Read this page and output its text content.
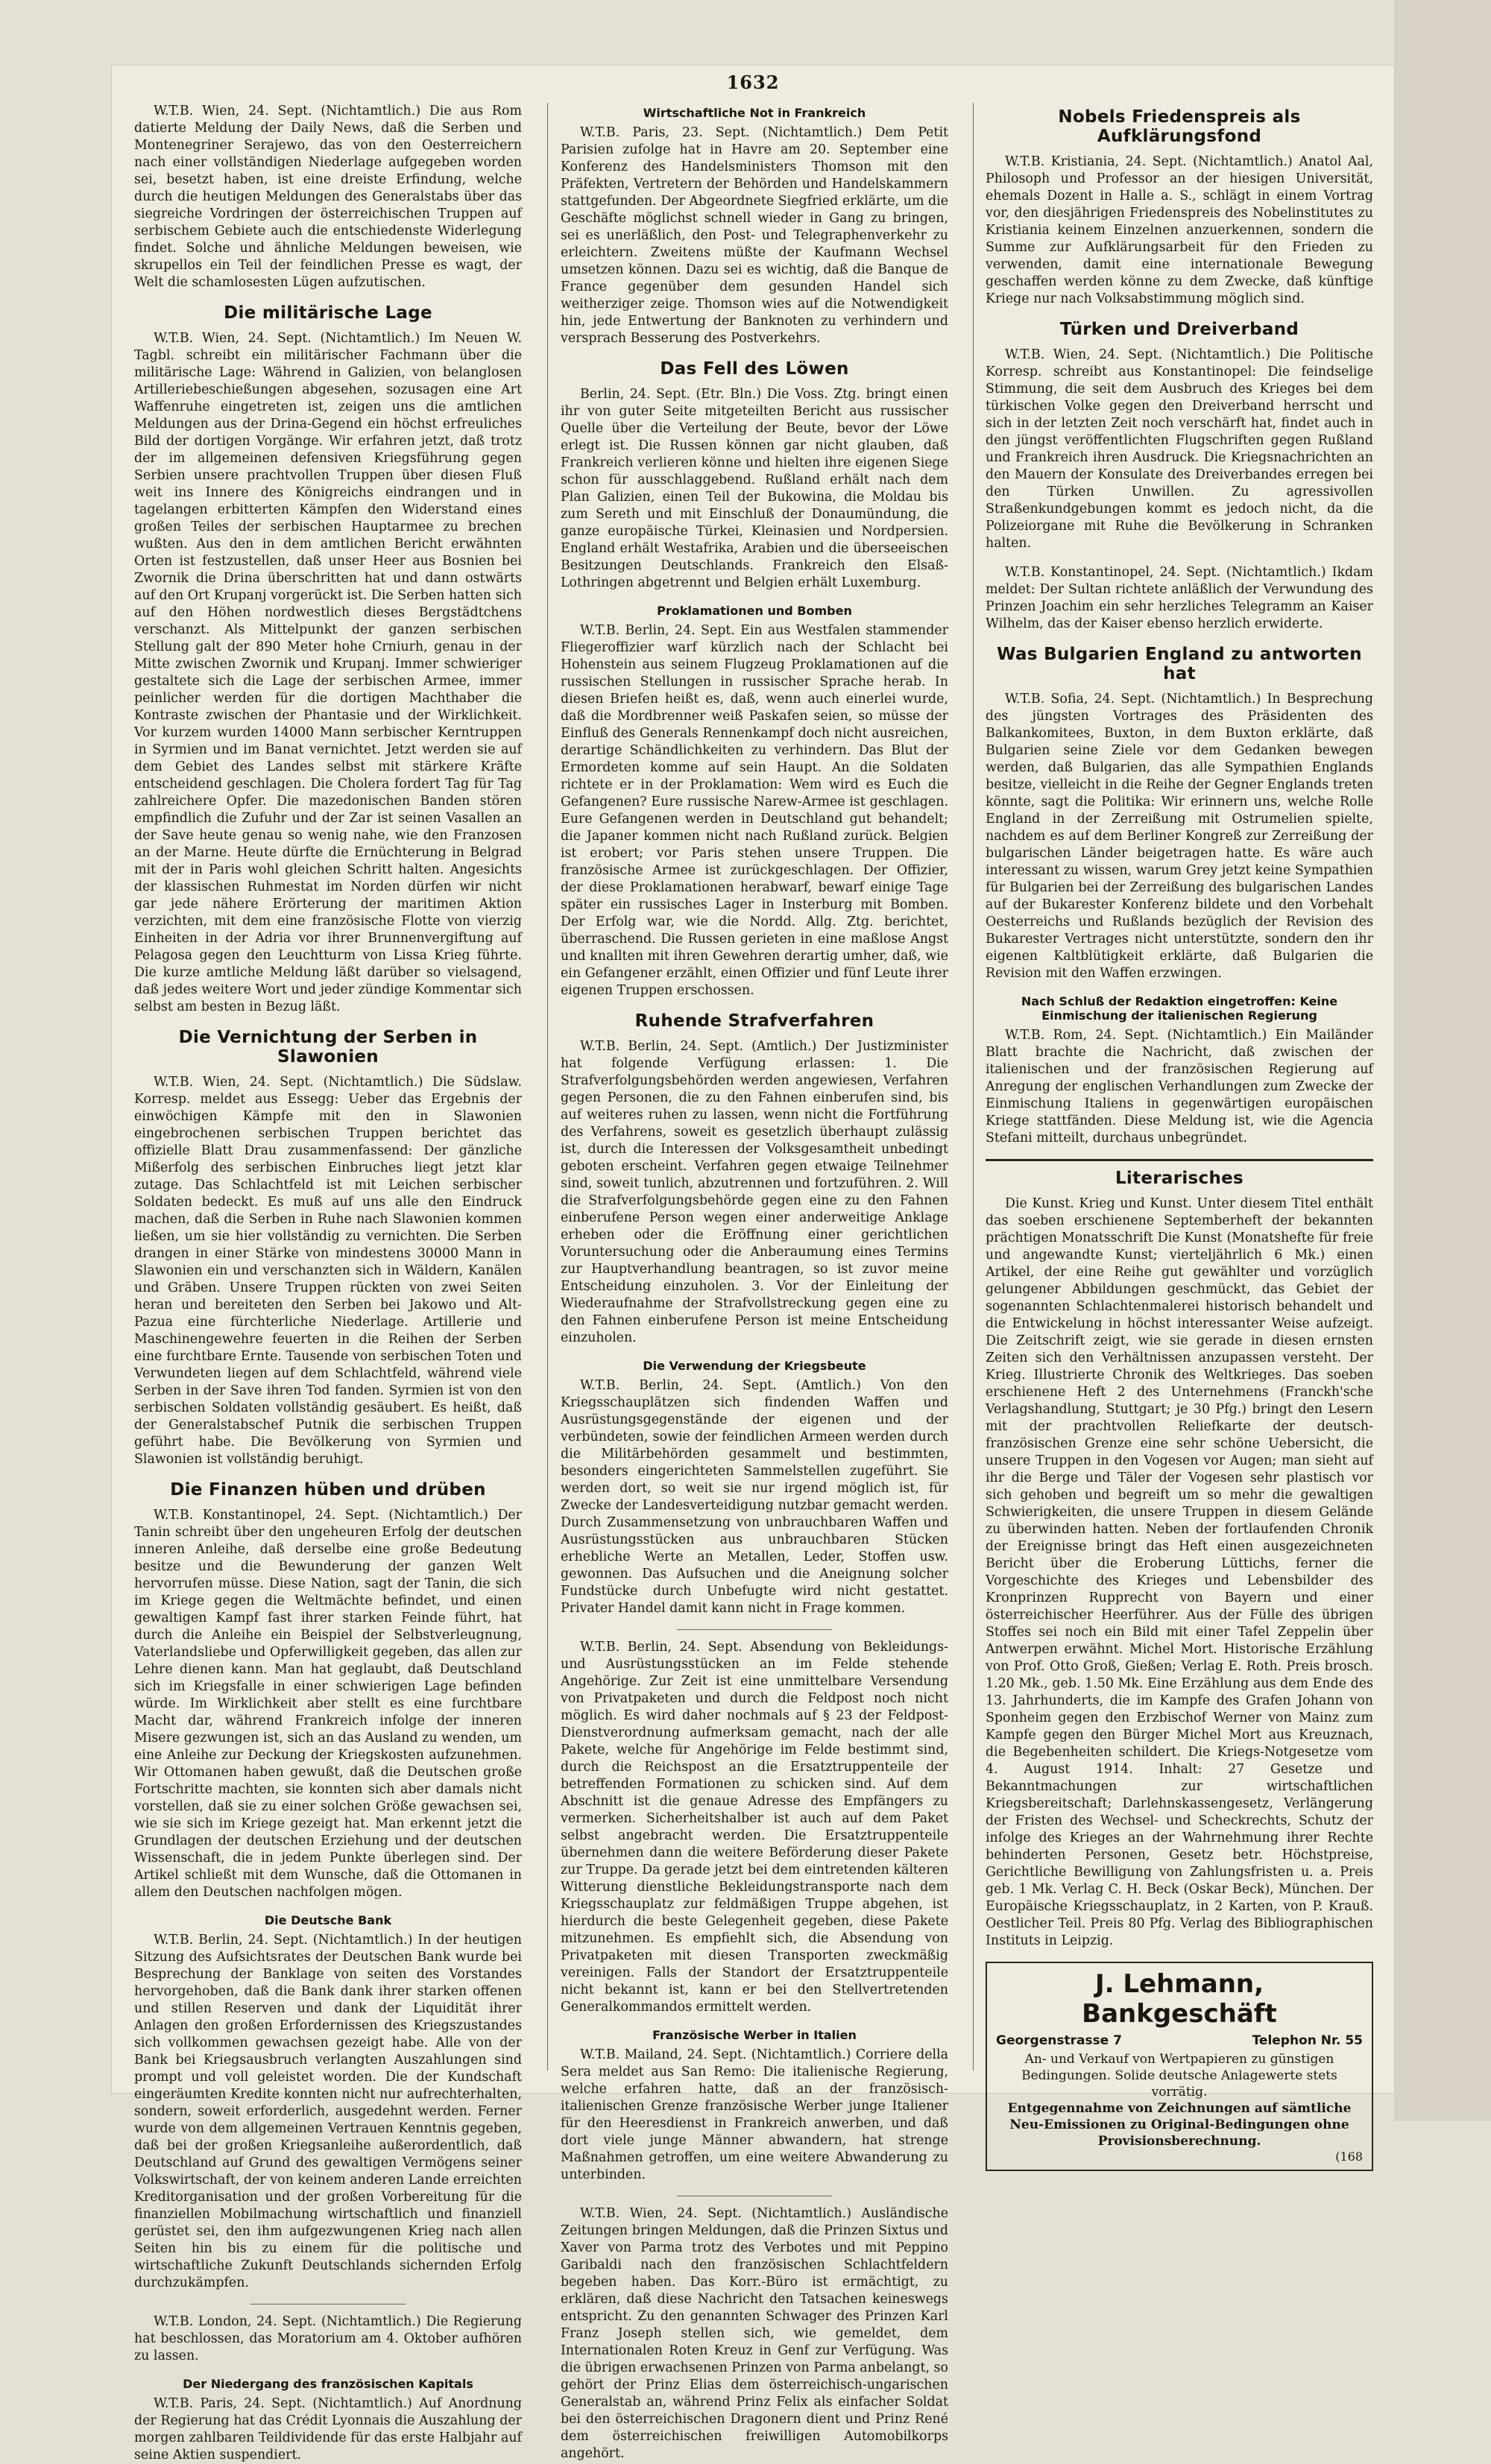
1632

W.T.B. Wien, 24. Sept. (Nichtamtlich.) Die aus Rom datierte Meldung der Daily News, daß die Serben und Montenegriner Serajewo, das von den Oesterreichern nach einer vollständigen Niederlage aufgegeben worden sei, besetzt haben, ist eine dreiste Erfindung, welche durch die heutigen Meldungen des Generalstabs über das siegreiche Vordringen der österreichischen Truppen auf serbischem Gebiete auch die entschiedenste Widerlegung findet. Solche und ähnliche Meldungen beweisen, wie skrupellos ein Teil der feindlichen Presse es wagt, der Welt die schamlosesten Lügen aufzutischen.

Die militärische Lage

W.T.B. Wien, 24. Sept. (Nichtamtlich.) Im Neuen W. Tagbl. schreibt ein militärischer Fachmann über die militärische Lage: Während in Galizien, von belanglosen Artilleriebeschießungen abgesehen, sozusagen eine Art Waffenruhe eingetreten ist, zeigen uns die amtlichen Meldungen aus der Drina-Gegend ein höchst erfreuliches Bild der dortigen Vorgänge. Wir erfahren jetzt, daß trotz der im allgemeinen defensiven Kriegsführung gegen Serbien unsere prachtvollen Truppen über diesen Fluß weit ins Innere des Königreichs eindrangen und in tagelangen erbitterten Kämpfen den Widerstand eines großen Teiles der serbischen Hauptarmee zu brechen wußten. Aus den in dem amtlichen Bericht erwähnten Orten ist festzustellen, daß unser Heer aus Bosnien bei Zwornik die Drina überschritten hat und dann ostwärts auf den Ort Krupanj vorgerückt ist. Die Serben hatten sich auf den Höhen nordwestlich dieses Bergstädtchens verschanzt. Als Mittelpunkt der ganzen serbischen Stellung galt der 890 Meter hohe Crniurh, genau in der Mitte zwischen Zwornik und Krupanj. Immer schwieriger gestaltete sich die Lage der serbischen Armee, immer peinlicher werden für die dortigen Machthaber die Kontraste zwischen der Phantasie und der Wirklichkeit. Vor kurzem wurden 14000 Mann serbischer Kerntruppen in Syrmien und im Banat vernichtet. Jetzt werden sie auf dem Gebiet des Landes selbst mit stärkere Kräfte entscheidend geschlagen. Die Cholera fordert Tag für Tag zahlreichere Opfer. Die mazedonischen Banden stören empfindlich die Zufuhr und der Zar ist seinen Vasallen an der Save heute genau so wenig nahe, wie den Franzosen an der Marne. Heute dürfte die Ernüchterung in Belgrad mit der in Paris wohl gleichen Schritt halten. Angesichts der klassischen Ruhmestat im Norden dürfen wir nicht gar jede nähere Erörterung der maritimen Aktion verzichten, mit dem eine französische Flotte von vierzig Einheiten in der Adria vor ihrer Brunnenvergiftung auf Pelagosa gegen den Leuchtturm von Lissa Krieg führte. Die kurze amtliche Meldung läßt darüber so vielsagend, daß jedes weitere Wort und jeder zündige Kommentar sich selbst am besten in Bezug läßt.

Die Vernichtung der Serben in Slawonien

W.T.B. Wien, 24. Sept. (Nichtamtlich.) Die Südslaw. Korresp. meldet aus Essegg: Ueber das Ergebnis der einwöchigen Kämpfe mit den in Slawonien eingebrochenen serbischen Truppen berichtet das offizielle Blatt Drau zusammenfassend: Der gänzliche Mißerfolg des serbischen Einbruches liegt jetzt klar zutage. Das Schlachtfeld ist mit Leichen serbischer Soldaten bedeckt. Es muß auf uns alle den Eindruck machen, daß die Serben in Ruhe nach Slawonien kommen ließen, um sie hier vollständig zu vernichten. Die Serben drangen in einer Stärke von mindestens 30000 Mann in Slawonien ein und verschanzten sich in Wäldern, Kanälen und Gräben. Unsere Truppen rückten von zwei Seiten heran und bereiteten den Serben bei Jakowo und Alt-Pazua eine fürchterliche Niederlage. Artillerie und Maschinengewehre feuerten in die Reihen der Serben eine furchtbare Ernte. Tausende von serbischen Toten und Verwundeten liegen auf dem Schlachtfeld, während viele Serben in der Save ihren Tod fanden. Syrmien ist von den serbischen Soldaten vollständig gesäubert. Es heißt, daß der Generalstabschef Putnik die serbischen Truppen geführt habe. Die Bevölkerung von Syrmien und Slawonien ist vollständig beruhigt.

Die Finanzen hüben und drüben

W.T.B. Konstantinopel, 24. Sept. (Nichtamtlich.) Der Tanin schreibt über den ungeheuren Erfolg der deutschen inneren Anleihe, daß derselbe eine große Bedeutung besitze und die Bewunderung der ganzen Welt hervorrufen müsse. Diese Nation, sagt der Tanin, die sich im Kriege gegen die Weltmächte befindet, und einen gewaltigen Kampf fast ihrer starken Feinde führt, hat durch die Anleihe ein Beispiel der Selbstverleugnung, Vaterlandsliebe und Opferwilligkeit gegeben, das allen zur Lehre dienen kann. Man hat geglaubt, daß Deutschland sich im Kriegsfalle in einer schwierigen Lage befinden würde. Im Wirklichkeit aber stellt es eine furchtbare Macht dar, während Frankreich infolge der inneren Misere gezwungen ist, sich an das Ausland zu wenden, um eine Anleihe zur Deckung der Kriegskosten aufzunehmen. Wir Ottomanen haben gewußt, daß die Deutschen große Fortschritte machten, sie konnten sich aber damals nicht vorstellen, daß sie zu einer solchen Größe gewachsen sei, wie sie sich im Kriege gezeigt hat. Man erkennt jetzt die Grundlagen der deutschen Erziehung und der deutschen Wissenschaft, die in jedem Punkte überlegen sind. Der Artikel schließt mit dem Wunsche, daß die Ottomanen in allem den Deutschen nachfolgen mögen.

Die Deutsche Bank

W.T.B. Berlin, 24. Sept. (Nichtamtlich.) In der heutigen Sitzung des Aufsichtsrates der Deutschen Bank wurde bei Besprechung der Banklage von seiten des Vorstandes hervorgehoben, daß die Bank dank ihrer starken offenen und stillen Reserven und dank der Liquidität ihrer Anlagen den großen Erfordernissen des Kriegszustandes sich vollkommen gewachsen gezeigt habe. Alle von der Bank bei Kriegsausbruch verlangten Auszahlungen sind prompt und voll geleistet worden. Die der Kundschaft eingeräumten Kredite konnten nicht nur aufrechterhalten, sondern, soweit erforderlich, ausgedehnt werden. Ferner wurde von dem allgemeinen Vertrauen Kenntnis gegeben, daß bei der großen Kriegsanleihe außerordentlich, daß Deutschland auf Grund des gewaltigen Vermögens seiner Volkswirtschaft, der von keinem anderen Lande erreichten Kreditorganisation und der großen Vorbereitung für die finanziellen Mobilmachung wirtschaftlich und finanziell gerüstet sei, den ihm aufgezwungenen Krieg nach allen Seiten hin bis zu einem für die politische und wirtschaftliche Zukunft Deutschlands sichernden Erfolg durchzukämpfen.

W.T.B. London, 24. Sept. (Nichtamtlich.) Die Regierung hat beschlossen, das Moratorium am 4. Oktober aufhören zu lassen.

Der Niedergang des französischen Kapitals

W.T.B. Paris, 24. Sept. (Nichtamtlich.) Auf Anordnung der Regierung hat das Crédit Lyonnais die Auszahlung der morgen zahlbaren Teildividende für das erste Halbjahr auf seine Aktien suspendiert.

Wirtschaftliche Not in Frankreich

W.T.B. Paris, 23. Sept. (Nichtamtlich.) Dem Petit Parisien zufolge hat in Havre am 20. September eine Konferenz des Handelsministers Thomson mit den Präfekten, Vertretern der Behörden und Handelskammern stattgefunden. Der Abgeordnete Siegfried erklärte, um die Geschäfte möglichst schnell wieder in Gang zu bringen, sei es unerläßlich, den Post- und Telegraphenverkehr zu erleichtern. Zweitens müßte der Kaufmann Wechsel umsetzen können. Dazu sei es wichtig, daß die Banque de France gegenüber dem gesunden Handel sich weitherziger zeige. Thomson wies auf die Notwendigkeit hin, jede Entwertung der Banknoten zu verhindern und versprach Besserung des Postverkehrs.

Das Fell des Löwen

Berlin, 24. Sept. (Etr. Bln.) Die Voss. Ztg. bringt einen ihr von guter Seite mitgeteilten Bericht aus russischer Quelle über die Verteilung der Beute, bevor der Löwe erlegt ist. Die Russen können gar nicht glauben, daß Frankreich verlieren könne und hielten ihre eigenen Siege schon für ausschlaggebend. Rußland erhält nach dem Plan Galizien, einen Teil der Bukowina, die Moldau bis zum Sereth und mit Einschluß der Donaumündung, die ganze europäische Türkei, Kleinasien und Nordpersien. England erhält Westafrika, Arabien und die überseeischen Besitzungen Deutschlands. Frankreich den Elsaß-Lothringen abgetrennt und Belgien erhält Luxemburg.

Proklamationen und Bomben

W.T.B. Berlin, 24. Sept. Ein aus Westfalen stammender Fliegeroffizier warf kürzlich nach der Schlacht bei Hohenstein aus seinem Flugzeug Proklamationen auf die russischen Stellungen in russischer Sprache herab. In diesen Briefen heißt es, daß, wenn auch einerlei wurde, daß die Mordbrenner weiß Paskafen seien, so müsse der Einfluß des Generals Rennenkampf doch nicht ausreichen, derartige Schändlichkeiten zu verhindern. Das Blut der Ermordeten komme auf sein Haupt. An die Soldaten richtete er in der Proklamation: Wem wird es Euch die Gefangenen? Eure russische Narew-Armee ist geschlagen. Eure Gefangenen werden in Deutschland gut behandelt; die Japaner kommen nicht nach Rußland zurück. Belgien ist erobert; vor Paris stehen unsere Truppen. Die französische Armee ist zurückgeschlagen. Der Offizier, der diese Proklamationen herabwarf, bewarf einige Tage später ein russisches Lager in Insterburg mit Bomben. Der Erfolg war, wie die Nordd. Allg. Ztg. berichtet, überraschend. Die Russen gerieten in eine maßlose Angst und knallten mit ihren Gewehren derartig umher, daß, wie ein Gefangener erzählt, einen Offizier und fünf Leute ihrer eigenen Truppen erschossen.

Ruhende Strafverfahren

W.T.B. Berlin, 24. Sept. (Amtlich.) Der Justizminister hat folgende Verfügung erlassen: 1. Die Strafverfolgungsbehörden werden angewiesen, Verfahren gegen Personen, die zu den Fahnen einberufen sind, bis auf weiteres ruhen zu lassen, wenn nicht die Fortführung des Verfahrens, soweit es gesetzlich überhaupt zulässig ist, durch die Interessen der Volksgesamtheit unbedingt geboten erscheint. Verfahren gegen etwaige Teilnehmer sind, soweit tunlich, abzutrennen und fortzuführen. 2. Will die Strafverfolgungsbehörde gegen eine zu den Fahnen einberufene Person wegen einer anderweitige Anklage erheben oder die Eröffnung einer gerichtlichen Voruntersuchung oder die Anberaumung eines Termins zur Hauptverhandlung beantragen, so ist zuvor meine Entscheidung einzuholen. 3. Vor der Einleitung der Wiederaufnahme der Strafvollstreckung gegen eine zu den Fahnen einberufene Person ist meine Entscheidung einzuholen.

Die Verwendung der Kriegsbeute

W.T.B. Berlin, 24. Sept. (Amtlich.) Von den Kriegsschauplätzen sich findenden Waffen und Ausrüstungsgegenstände der eigenen und der verbündeten, sowie der feindlichen Armeen werden durch die Militärbehörden gesammelt und bestimmten, besonders eingerichteten Sammelstellen zugeführt. Sie werden dort, so weit sie nur irgend möglich ist, für Zwecke der Landesverteidigung nutzbar gemacht werden. Durch Zusammensetzung von unbrauchbaren Waffen und Ausrüstungsstücken aus unbrauchbaren Stücken erhebliche Werte an Metallen, Leder, Stoffen usw. gewonnen. Das Aufsuchen und die Aneignung solcher Fundstücke durch Unbefugte wird nicht gestattet. Privater Handel damit kann nicht in Frage kommen.

W.T.B. Berlin, 24. Sept. Absendung von Bekleidungs- und Ausrüstungsstücken an im Felde stehende Angehörige. Zur Zeit ist eine unmittelbare Versendung von Privatpaketen und durch die Feldpost noch nicht möglich. Es wird daher nochmals auf § 23 der Feldpost-Dienstverordnung aufmerksam gemacht, nach der alle Pakete, welche für Angehörige im Felde bestimmt sind, durch die Reichspost an die Ersatztruppenteile der betreffenden Formationen zu schicken sind. Auf dem Abschnitt ist die genaue Adresse des Empfängers zu vermerken. Sicherheitshalber ist auch auf dem Paket selbst angebracht werden. Die Ersatztruppenteile übernehmen dann die weitere Beförderung dieser Pakete zur Truppe. Da gerade jetzt bei dem eintretenden kälteren Witterung dienstliche Bekleidungstransporte nach dem Kriegsschauplatz zur feldmäßigen Truppe abgehen, ist hierdurch die beste Gelegenheit gegeben, diese Pakete mitzunehmen. Es empfiehlt sich, die Absendung von Privatpaketen mit diesen Transporten zweckmäßig vereinigen. Falls der Standort der Ersatztruppenteile nicht bekannt ist, kann er bei den Stellvertretenden Generalkommandos ermittelt werden.

Französische Werber in Italien

W.T.B. Mailand, 24. Sept. (Nichtamtlich.) Corriere della Sera meldet aus San Remo: Die italienische Regierung, welche erfahren hatte, daß an der französisch-italienischen Grenze französische Werber junge Italiener für den Heeresdienst in Frankreich anwerben, und daß dort viele junge Männer abwandern, hat strenge Maßnahmen getroffen, um eine weitere Abwanderung zu unterbinden.

W.T.B. Wien, 24. Sept. (Nichtamtlich.) Ausländische Zeitungen bringen Meldungen, daß die Prinzen Sixtus und Xaver von Parma trotz des Verbotes und mit Peppino Garibaldi nach den französischen Schlachtfeldern begeben haben. Das Korr.-Büro ist ermächtigt, zu erklären, daß diese Nachricht den Tatsachen keineswegs entspricht. Zu den genannten Schwager des Prinzen Karl Franz Joseph stellen sich, wie gemeldet, dem Internationalen Roten Kreuz in Genf zur Verfügung. Was die übrigen erwachsenen Prinzen von Parma anbelangt, so gehört der Prinz Elias dem österreichisch-ungarischen Generalstab an, während Prinz Felix als einfacher Soldat bei den österreichischen Dragonern dient und Prinz René dem österreichischen freiwilligen Automobilkorps angehört.

Nobels Friedenspreis als Aufklärungsfond

W.T.B. Kristiania, 24. Sept. (Nichtamtlich.) Anatol Aal, Philosoph und Professor an der hiesigen Universität, ehemals Dozent in Halle a. S., schlägt in einem Vortrag vor, den diesjährigen Friedenspreis des Nobelinstitutes zu Kristiania keinem Einzelnen anzuerkennen, sondern die Summe zur Aufklärungsarbeit für den Frieden zu verwenden, damit eine internationale Bewegung geschaffen werden könne zu dem Zwecke, daß künftige Kriege nur nach Volksabstimmung möglich sind.

Türken und Dreiverband

W.T.B. Wien, 24. Sept. (Nichtamtlich.) Die Politische Korresp. schreibt aus Konstantinopel: Die feindselige Stimmung, die seit dem Ausbruch des Krieges bei dem türkischen Volke gegen den Dreiverband herrscht und sich in der letzten Zeit noch verschärft hat, findet auch in den jüngst veröffentlichten Flugschriften gegen Rußland und Frankreich ihren Ausdruck. Die Kriegsnachrichten an den Mauern der Konsulate des Dreiverbandes erregen bei den Türken Unwillen. Zu agressivollen Straßenkundgebungen kommt es jedoch nicht, da die Polizeiorgane mit Ruhe die Bevölkerung in Schranken halten.

W.T.B. Konstantinopel, 24. Sept. (Nichtamtlich.) Ikdam meldet: Der Sultan richtete anläßlich der Verwundung des Prinzen Joachim ein sehr herzliches Telegramm an Kaiser Wilhelm, das der Kaiser ebenso herzlich erwiderte.

Was Bulgarien England zu antworten hat

W.T.B. Sofia, 24. Sept. (Nichtamtlich.) In Besprechung des jüngsten Vortrages des Präsidenten des Balkankomitees, Buxton, in dem Buxton erklärte, daß Bulgarien seine Ziele vor dem Gedanken bewegen werden, daß Bulgarien, das alle Sympathien Englands besitze, vielleicht in die Reihe der Gegner Englands treten könnte, sagt die Politika: Wir erinnern uns, welche Rolle England in der Zerreißung mit Ostrumelien spielte, nachdem es auf dem Berliner Kongreß zur Zerreißung der bulgarischen Länder beigetragen hatte. Es wäre auch interessant zu wissen, warum Grey jetzt keine Sympathien für Bulgarien bei der Zerreißung des bulgarischen Landes auf der Bukarester Konferenz bildete und den Vorbehalt Oesterreichs und Rußlands bezüglich der Revision des Bukarester Vertrages nicht unterstützte, sondern den ihr eigenen Kaltblütigkeit erklärte, daß Bulgarien die Revision mit den Waffen erzwingen.

Nach Schluß der Redaktion eingetroffen: Keine Einmischung der italienischen Regierung

W.T.B. Rom, 24. Sept. (Nichtamtlich.) Ein Mailänder Blatt brachte die Nachricht, daß zwischen der italienischen und der französischen Regierung auf Anregung der englischen Verhandlungen zum Zwecke der Einmischung Italiens in gegenwärtigen europäischen Kriege stattfänden. Diese Meldung ist, wie die Agencia Stefani mitteilt, durchaus unbegründet.

Literarisches

Die Kunst. Krieg und Kunst. Unter diesem Titel enthält das soeben erschienene Septemberheft der bekannten prächtigen Monatsschrift Die Kunst (Monatshefte für freie und angewandte Kunst; vierteljährlich 6 Mk.) einen Artikel, der eine Reihe gut gewählter und vorzüglich gelungener Abbildungen geschmückt, das Gebiet der sogenannten Schlachtenmalerei historisch behandelt und die Entwickelung in höchst interessanter Weise aufzeigt. Die Zeitschrift zeigt, wie sie gerade in diesen ernsten Zeiten sich den Verhältnissen anzupassen versteht. Der Krieg. Illustrierte Chronik des Weltkrieges. Das soeben erschienene Heft 2 des Unternehmens (Franckh'sche Verlagshandlung, Stuttgart; je 30 Pfg.) bringt den Lesern mit der prachtvollen Reliefkarte der deutsch-französischen Grenze eine sehr schöne Uebersicht, die unsere Truppen in den Vogesen vor Augen; man sieht auf ihr die Berge und Täler der Vogesen sehr plastisch vor sich gehoben und begreift um so mehr die gewaltigen Schwierigkeiten, die unsere Truppen in diesem Gelände zu überwinden hatten. Neben der fortlaufenden Chronik der Ereignisse bringt das Heft einen ausgezeichneten Bericht über die Eroberung Lüttichs, ferner die Vorgeschichte des Krieges und Lebensbilder des Kronprinzen Rupprecht von Bayern und einer österreichischer Heerführer. Aus der Fülle des übrigen Stoffes sei noch ein Bild mit einer Tafel Zeppelin über Antwerpen erwähnt. Michel Mort. Historische Erzählung von Prof. Otto Groß, Gießen; Verlag E. Roth. Preis brosch. 1.20 Mk., geb. 1.50 Mk. Eine Erzählung aus dem Ende des 13. Jahrhunderts, die im Kampfe des Grafen Johann von Sponheim gegen den Erzbischof Werner von Mainz zum Kampfe gegen den Bürger Michel Mort aus Kreuznach, die Begebenheiten schildert. Die Kriegs-Notgesetze vom 4. August 1914. Inhalt: 27 Gesetze und Bekanntmachungen zur wirtschaftlichen Kriegsbereitschaft; Darlehnskassengesetz, Verlängerung der Fristen des Wechsel- und Scheckrechts, Schutz der infolge des Krieges an der Wahrnehmung ihrer Rechte behinderten Personen, Gesetz betr. Höchstpreise, Gerichtliche Bewilligung von Zahlungsfristen u. a. Preis geb. 1 Mk. Verlag C. H. Beck (Oskar Beck), München. Der Europäische Kriegsschauplatz, in 2 Karten, von P. Krauß. Oestlicher Teil. Preis 80 Pfg. Verlag des Bibliographischen Instituts in Leipzig.

J. Lehmann, Bankgeschäft
Georgenstrasse 7	Telephon Nr. 55

An- und Verkauf von Wertpapieren zu günstigen Bedingungen. Solide deutsche Anlagewerte stets vorrätig.

Entgegennahme von Zeichnungen auf sämtliche Neu-Emissionen zu Original-Bedingungen ohne Provisionsberechnung.

(168
